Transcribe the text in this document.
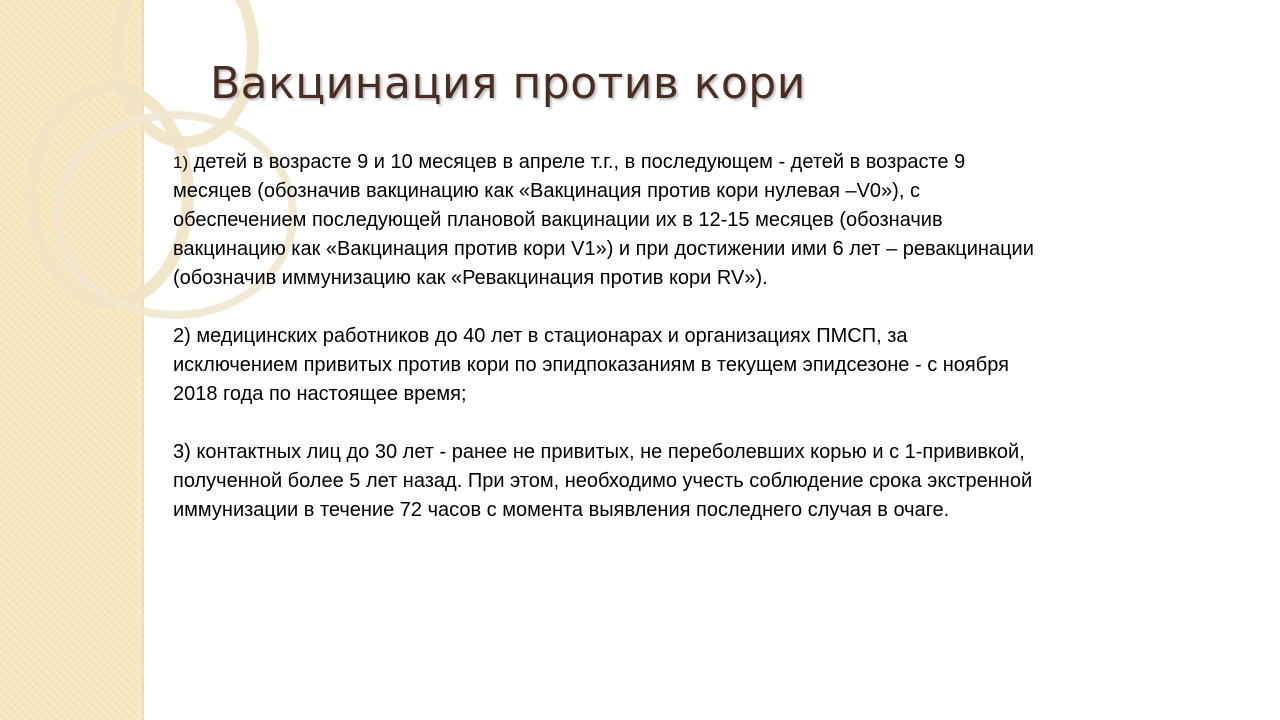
Вакцинация против кори
1) детей в возрасте 9 и 10 месяцев в апреле т.г., в последующем - детей в возрасте 9
месяцев (обозначив вакцинацию как «Вакцинация против кори нулевая –V0»), с
обеспечением последующей плановой вакцинации их в 12-15 месяцев (обозначив
вакцинацию как «Вакцинация против кори V1») и при достижении ими 6 лет – ревакцинации
(обозначив иммунизацию как «Ревакцинация против кори RV»).
2) медицинских работников до 40 лет в стационарах и организациях ПМСП, за
исключением привитых против кори по эпидпоказаниям в текущем эпидсезоне - с ноября
2018 года по настоящее время;
3) контактных лиц до 30 лет - ранее не привитых, не переболевших корью и с 1-прививкой,
полученной более 5 лет назад. При этом, необходимо учесть соблюдение срока экстренной
иммунизации в течение 72 часов с момента выявления последнего случая в очаге.
